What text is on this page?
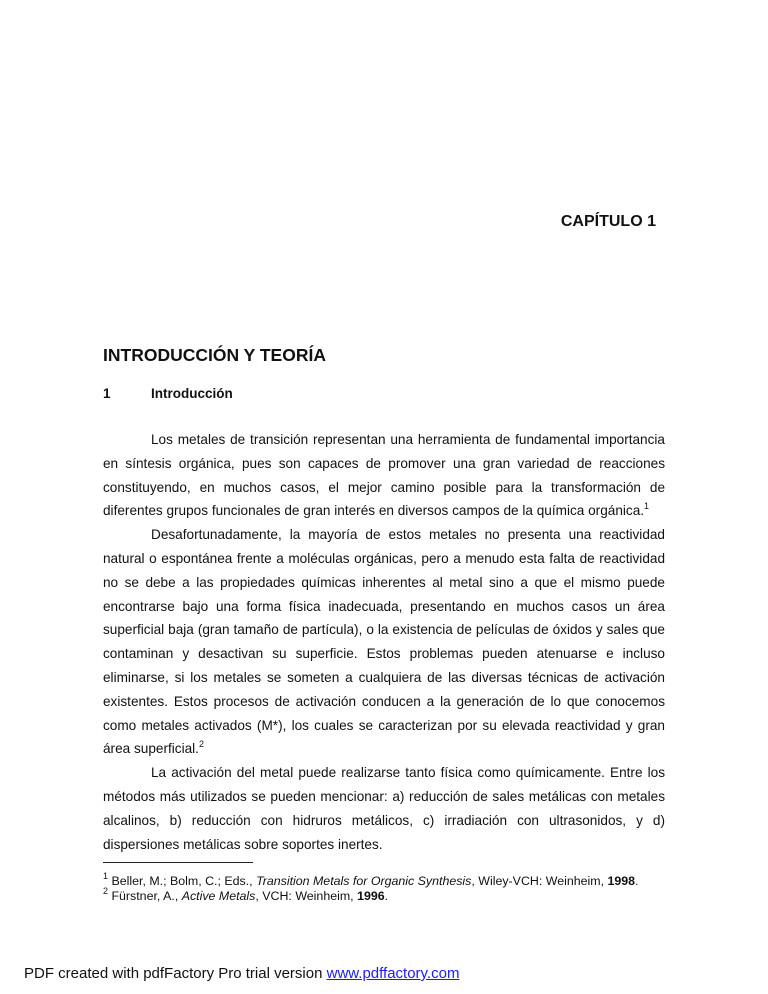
CAPÍTULO 1
INTRODUCCIÓN Y TEORÍA
1	Introducción

Los metales de transición representan una herramienta de fundamental importancia en síntesis orgánica, pues son capaces de promover una gran variedad de reacciones constituyendo, en muchos casos, el mejor camino posible para la transformación de diferentes grupos funcionales de gran interés en diversos campos de la química orgánica.$^1$

Desafortunadamente, la mayoría de estos metales no presenta una reactividad natural o espontánea frente a moléculas orgánicas, pero a menudo esta falta de reactividad no se debe a las propiedades químicas inherentes al metal sino a que el mismo puede encontrarse bajo una forma física inadecuada, presentando en muchos casos un área superficial baja (gran tamaño de partícula), o la existencia de películas de óxidos y sales que contaminan y desactivan su superficie. Estos problemas pueden atenuarse e incluso eliminarse, si los metales se someten a cualquiera de las diversas técnicas de activación existentes. Estos procesos de activación conducen a la generación de lo que conocemos como metales activados (M*), los cuales se caracterizan por su elevada reactividad y gran área superficial.$^2$

La activación del metal puede realizarse tanto física como químicamente. Entre los métodos más utilizados se pueden mencionar: a) reducción de sales metálicas con metales alcalinos, b) reducción con hidruros metálicos, c) irradiación con ultrasonidos, y d) dispersiones metálicas sobre soportes inertes.

$^1$ Beller, M.; Bolm, C.; Eds., Transition Metals for Organic Synthesis, Wiley-VCH: Weinheim, 1998.

$^2$ Fürstner, A., Active Metals, VCH: Weinheim, 1996.

PDF created with pdfFactory Pro trial version www.pdffactory.com
